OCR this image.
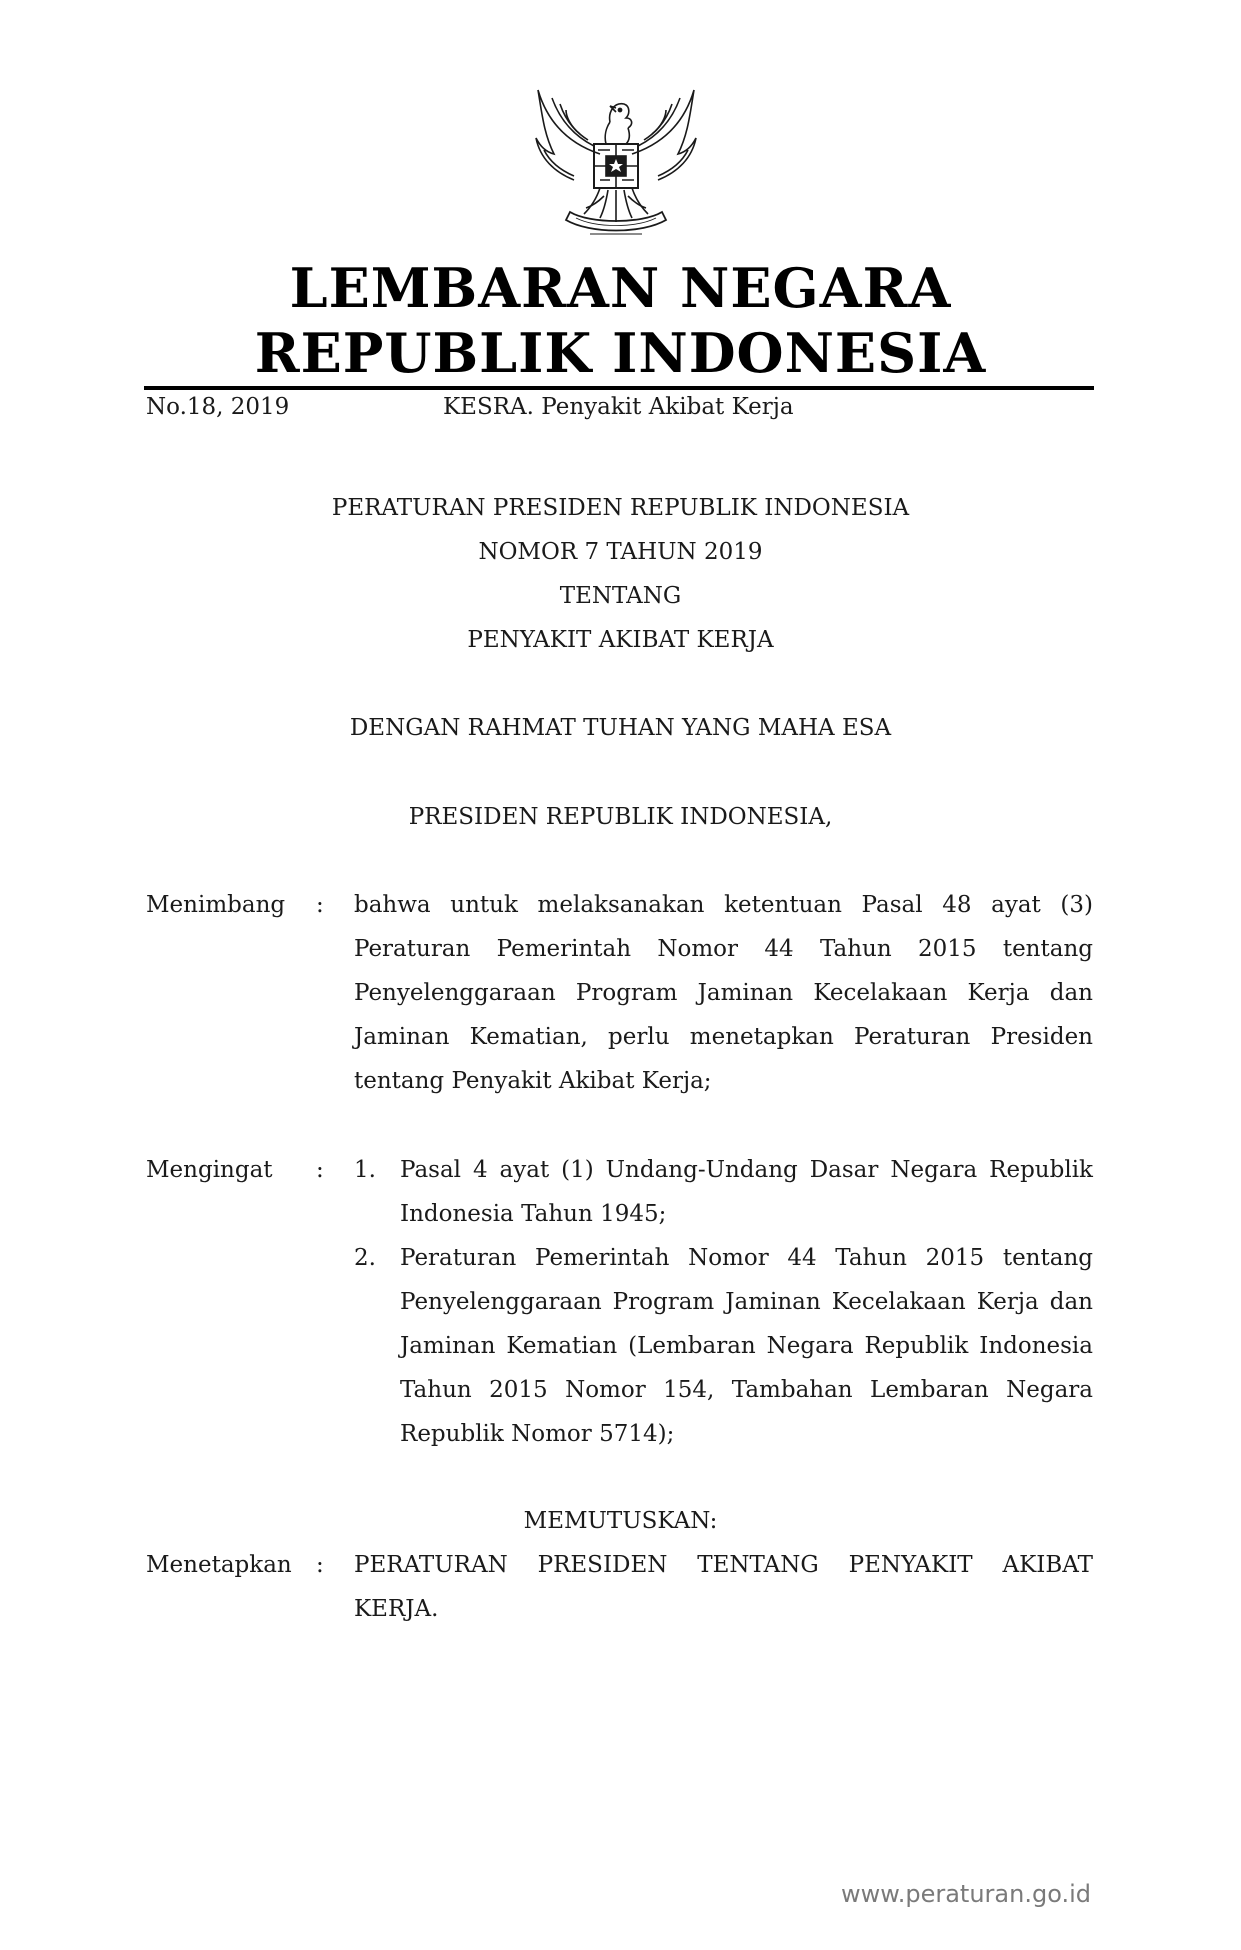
LEMBARAN NEGARA
REPUBLIK INDONESIA
No.18, 2019	KESRA. Penyakit Akibat Kerja
PERATURAN PRESIDEN REPUBLIK INDONESIA
NOMOR 7 TAHUN 2019
TENTANG
PENYAKIT AKIBAT KERJA
DENGAN RAHMAT TUHAN YANG MAHA ESA
PRESIDEN REPUBLIK INDONESIA,
Menimbang : bahwa untuk melaksanakan ketentuan Pasal 48 ayat (3) Peraturan Pemerintah Nomor 44 Tahun 2015 tentang Penyelenggaraan Program Jaminan Kecelakaan Kerja dan Jaminan Kematian, perlu menetapkan Peraturan Presiden tentang Penyakit Akibat Kerja;
Mengingat : 1. Pasal 4 ayat (1) Undang-Undang Dasar Negara Republik Indonesia Tahun 1945;
2. Peraturan Pemerintah Nomor 44 Tahun 2015 tentang Penyelenggaraan Program Jaminan Kecelakaan Kerja dan Jaminan Kematian (Lembaran Negara Republik Indonesia Tahun 2015 Nomor 154, Tambahan Lembaran Negara Republik Nomor 5714);
MEMUTUSKAN:
Menetapkan : PERATURAN PRESIDEN TENTANG PENYAKIT AKIBAT KERJA.
www.peraturan.go.id
